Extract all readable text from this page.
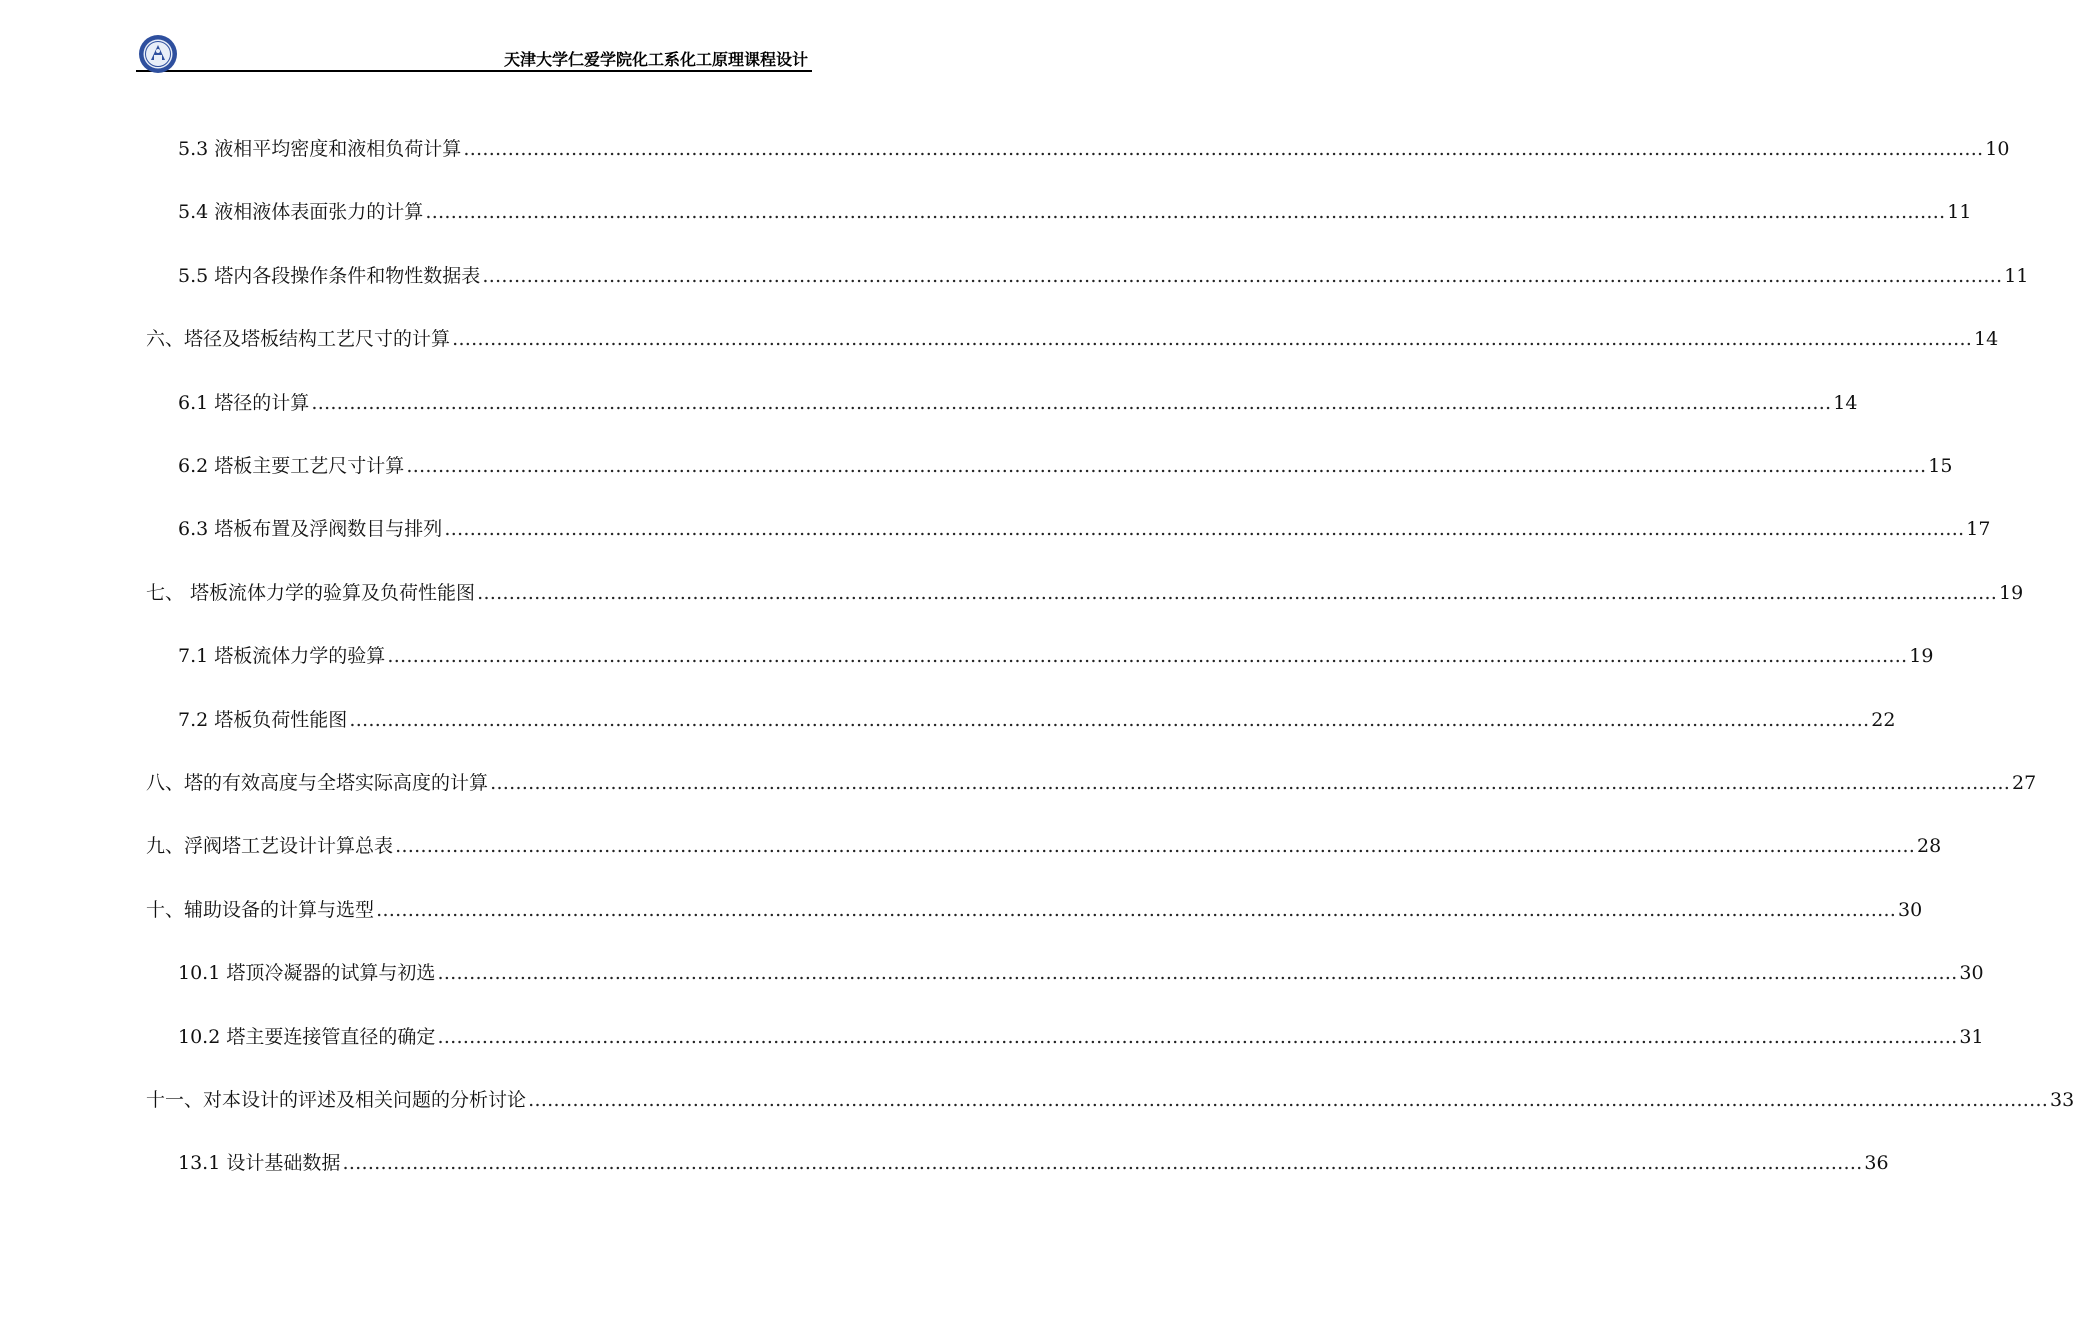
天津大学仁爱学院化工系化工原理课程设计
5.3 液相平均密度和液相负荷计算 …………………………………………………………………………………………………………………………………………………………………………………………………………………… 10
5.4 液相液体表面张力的计算 …………………………………………………………………………………………………………………………………………………………………………………………………………………… 11
5.5 塔内各段操作条件和物性数据表 …………………………………………………………………………………………………………………………………………………………………………………………………………………… 11
六、塔径及塔板结构工艺尺寸的计算 …………………………………………………………………………………………………………………………………………………………………………………………………………………… 14
6.1 塔径的计算 …………………………………………………………………………………………………………………………………………………………………………………………………………………… 14
6.2 塔板主要工艺尺寸计算 …………………………………………………………………………………………………………………………………………………………………………………………………………………… 15
6.3 塔板布置及浮阀数目与排列 …………………………………………………………………………………………………………………………………………………………………………………………………………………… 17
七、 塔板流体力学的验算及负荷性能图 …………………………………………………………………………………………………………………………………………………………………………………………………………………… 19
7.1 塔板流体力学的验算 …………………………………………………………………………………………………………………………………………………………………………………………………………………… 19
7.2 塔板负荷性能图 …………………………………………………………………………………………………………………………………………………………………………………………………………………… 22
八、塔的有效高度与全塔实际高度的计算 …………………………………………………………………………………………………………………………………………………………………………………………………………………… 27
九、浮阀塔工艺设计计算总表 …………………………………………………………………………………………………………………………………………………………………………………………………………………… 28
十、辅助设备的计算与选型 …………………………………………………………………………………………………………………………………………………………………………………………………………………… 30
10.1 塔顶冷凝器的试算与初选 …………………………………………………………………………………………………………………………………………………………………………………………………………………… 30
10.2 塔主要连接管直径的确定 …………………………………………………………………………………………………………………………………………………………………………………………………………………… 31
十一、对本设计的评述及相关问题的分析讨论 …………………………………………………………………………………………………………………………………………………………………………………………………………………… 33
13.1 设计基础数据 …………………………………………………………………………………………………………………………………………………………………………………………………………………… 36
